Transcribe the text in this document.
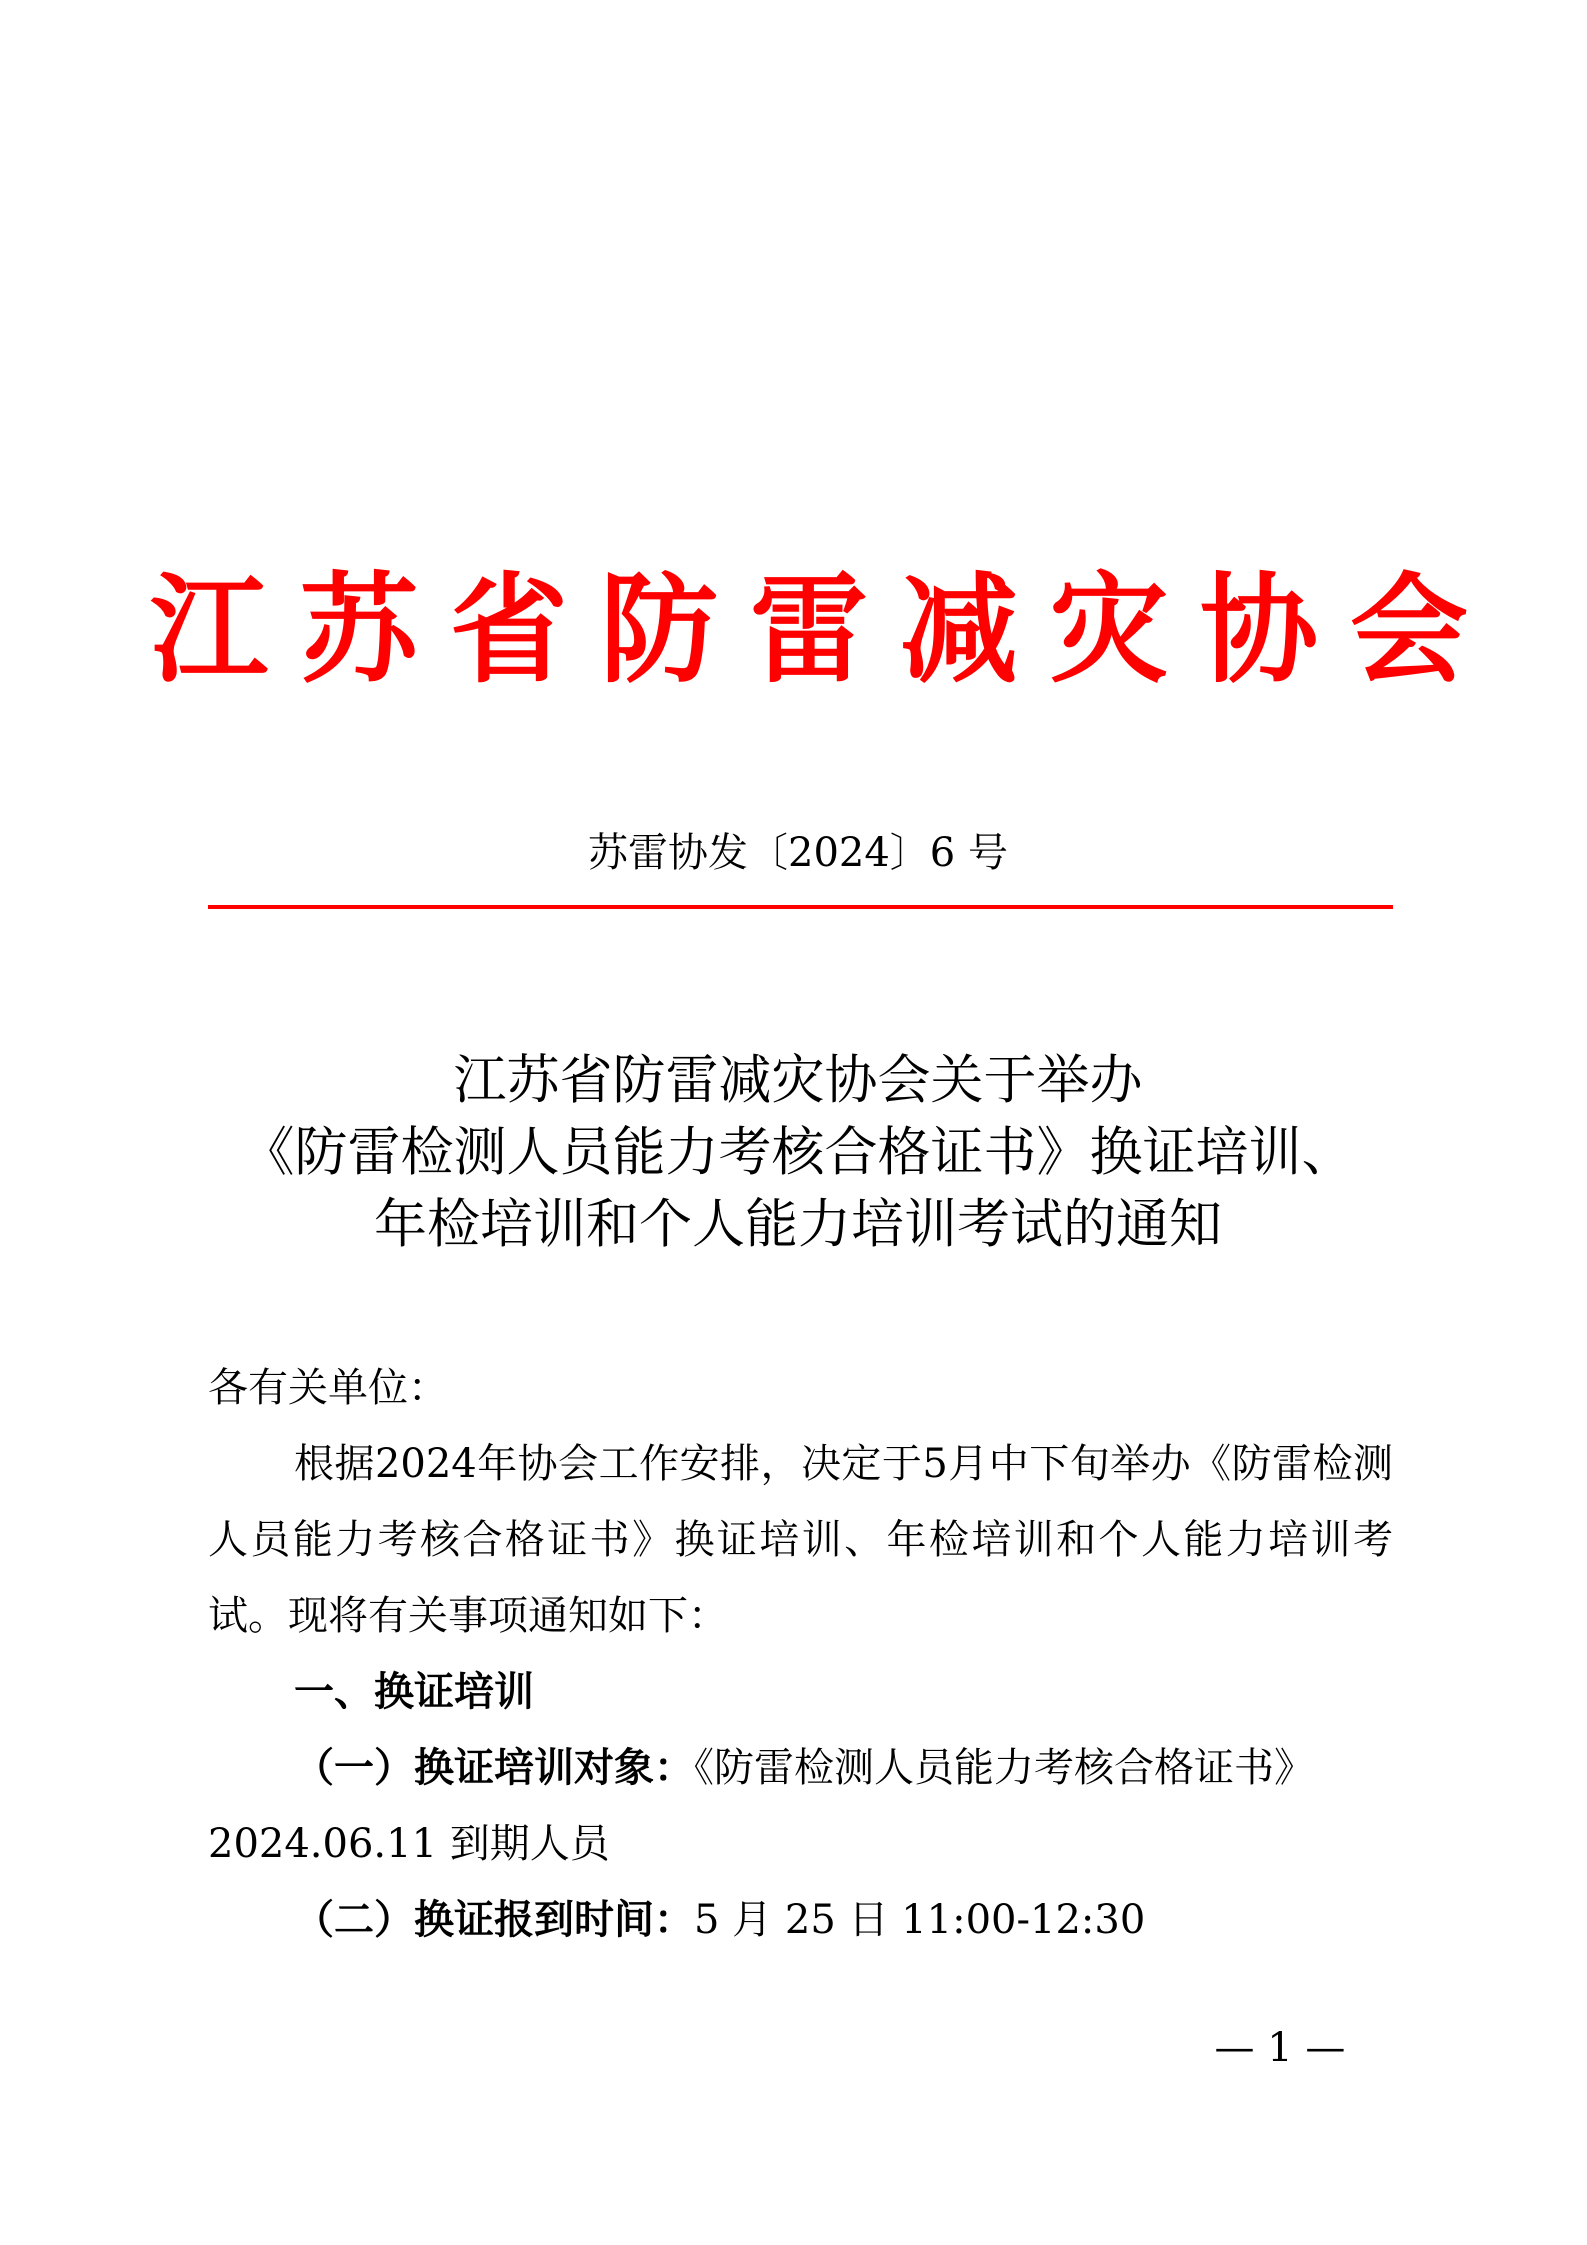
江苏省防雷减灾协会
苏雷协发〔2024〕6 号
江苏省防雷减灾协会关于举办
《防雷检测人员能力考核合格证书》换证培训、
年检培训和个人能力培训考试的通知

各有关单位：

根据2024年协会工作安排，决定于5月中下旬举办《防雷检测人员能力考核合格证书》换证培训、年检培训和个人能力培训考试。现将有关事项通知如下：

一、换证培训

（一）换证培训对象：《防雷检测人员能力考核合格证书》

2024.06.11 到期人员

（二）换证报到时间：5 月 25 日 11:00-12:30

— 1 —
